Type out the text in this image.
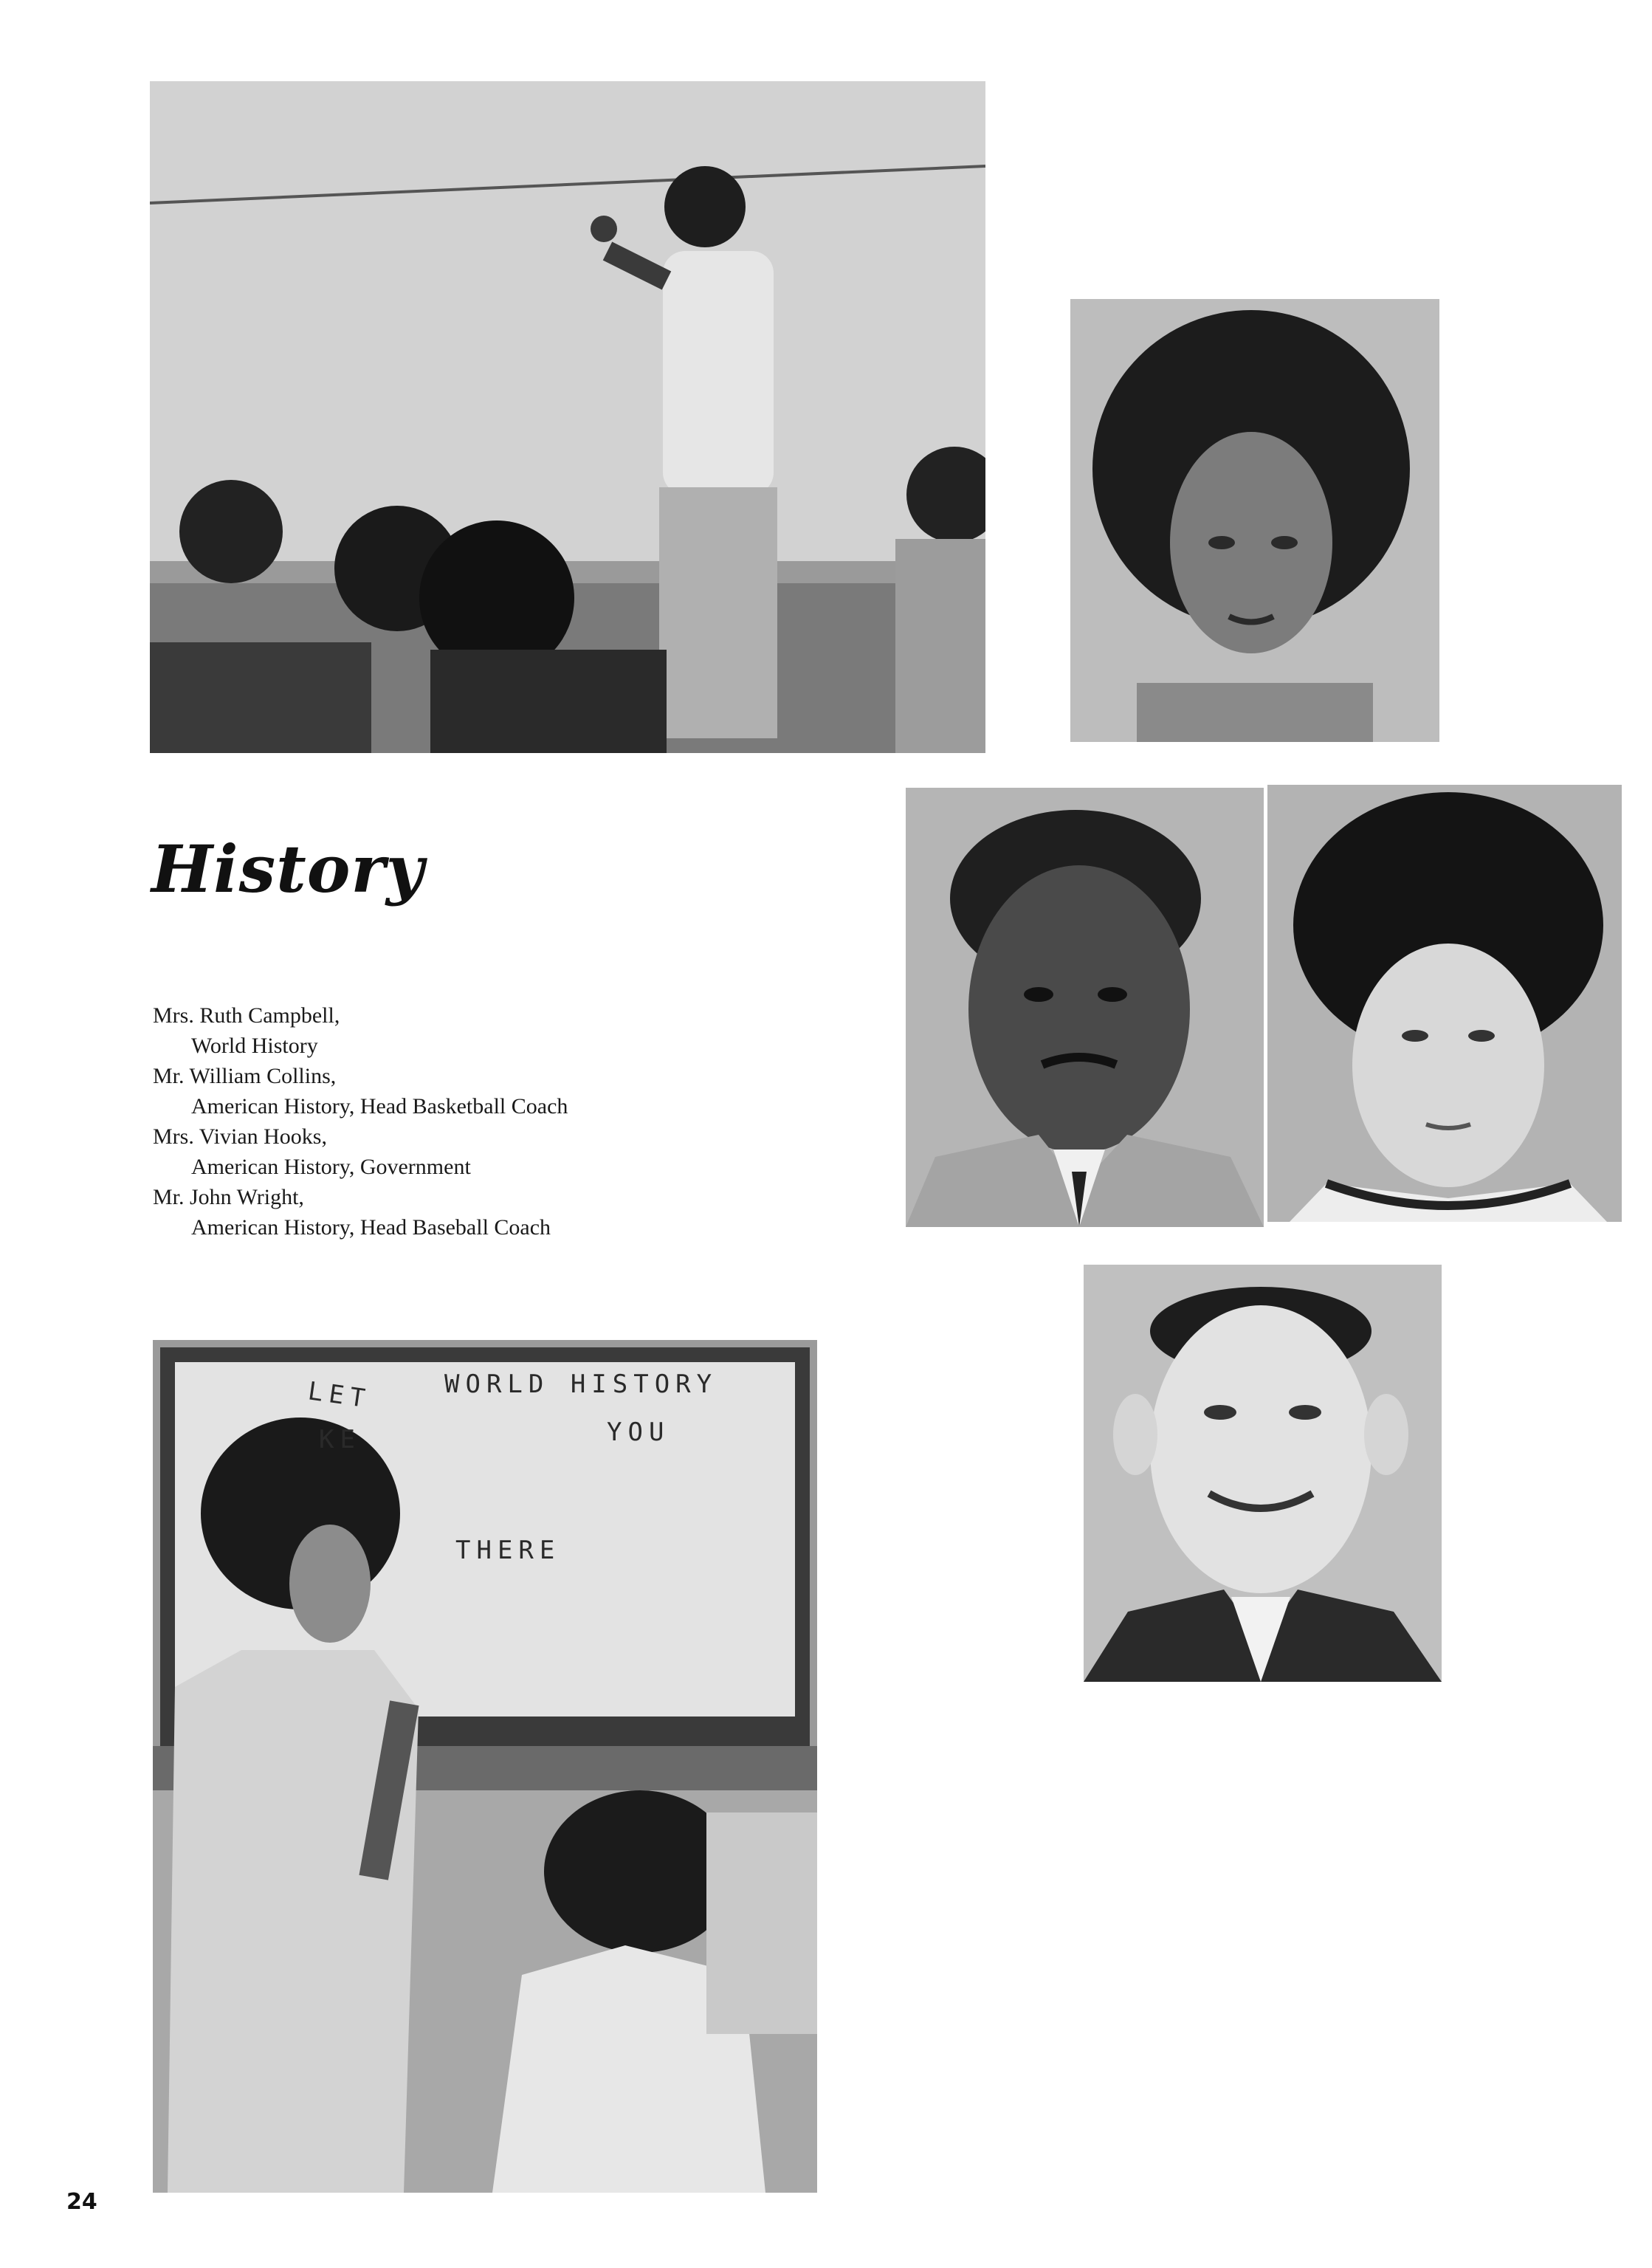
LET	WORLD HISTORY
KE	YOU
THERE
History
Mrs. Ruth Campbell,
World History
Mr. William Collins,
American History, Head Basketball Coach
Mrs. Vivian Hooks,
American History, Government
Mr. John Wright,
American History, Head Baseball Coach
24
